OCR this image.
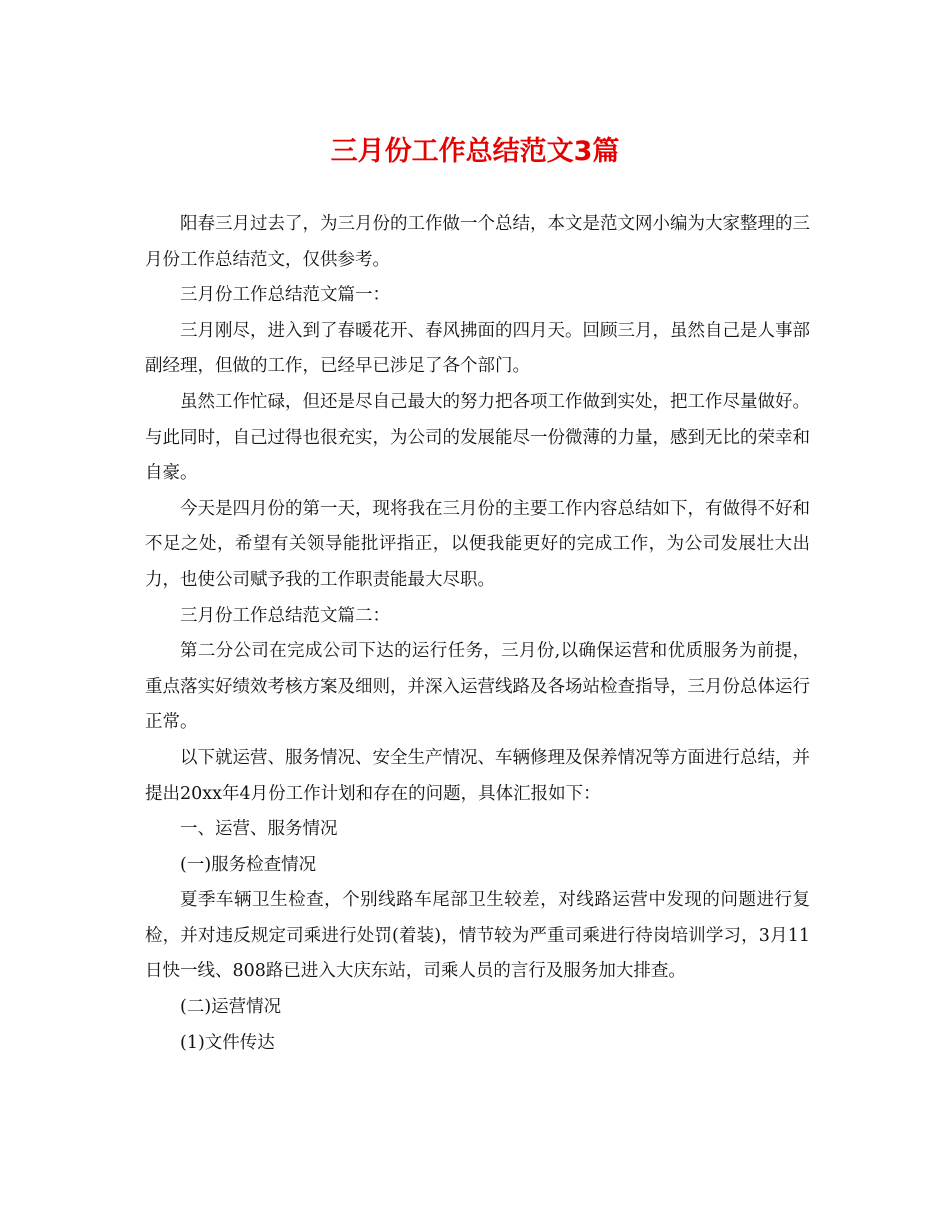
三月份工作总结范文3篇

阳春三月过去了，为三月份的工作做一个总结，本文是范文网小编为大家整理的三月份工作总结范文，仅供参考。

三月份工作总结范文篇一：

三月刚尽，进入到了春暖花开、春风拂面的四月天。回顾三月，虽然自己是人事部副经理，但做的工作，已经早已涉足了各个部门。

虽然工作忙碌，但还是尽自己最大的努力把各项工作做到实处，把工作尽量做好。与此同时，自己过得也很充实，为公司的发展能尽一份微薄的力量，感到无比的荣幸和自豪。

今天是四月份的第一天，现将我在三月份的主要工作内容总结如下，有做得不好和不足之处，希望有关领导能批评指正，以便我能更好的完成工作，为公司发展壮大出力，也使公司赋予我的工作职责能最大尽职。

三月份工作总结范文篇二：

第二分公司在完成公司下达的运行任务，三月份,以确保运营和优质服务为前提，重点落实好绩效考核方案及细则，并深入运营线路及各场站检查指导，三月份总体运行正常。

以下就运营、服务情况、安全生产情况、车辆修理及保养情况等方面进行总结，并提出20xx年4月份工作计划和存在的问题，具体汇报如下：

一、运营、服务情况

(一)服务检查情况

夏季车辆卫生检查，个别线路车尾部卫生较差，对线路运营中发现的问题进行复检，并对违反规定司乘进行处罚(着装)，情节较为严重司乘进行待岗培训学习，3月11日快一线、808路已进入大庆东站，司乘人员的言行及服务加大排查。

(二)运营情况

(1)文件传达
